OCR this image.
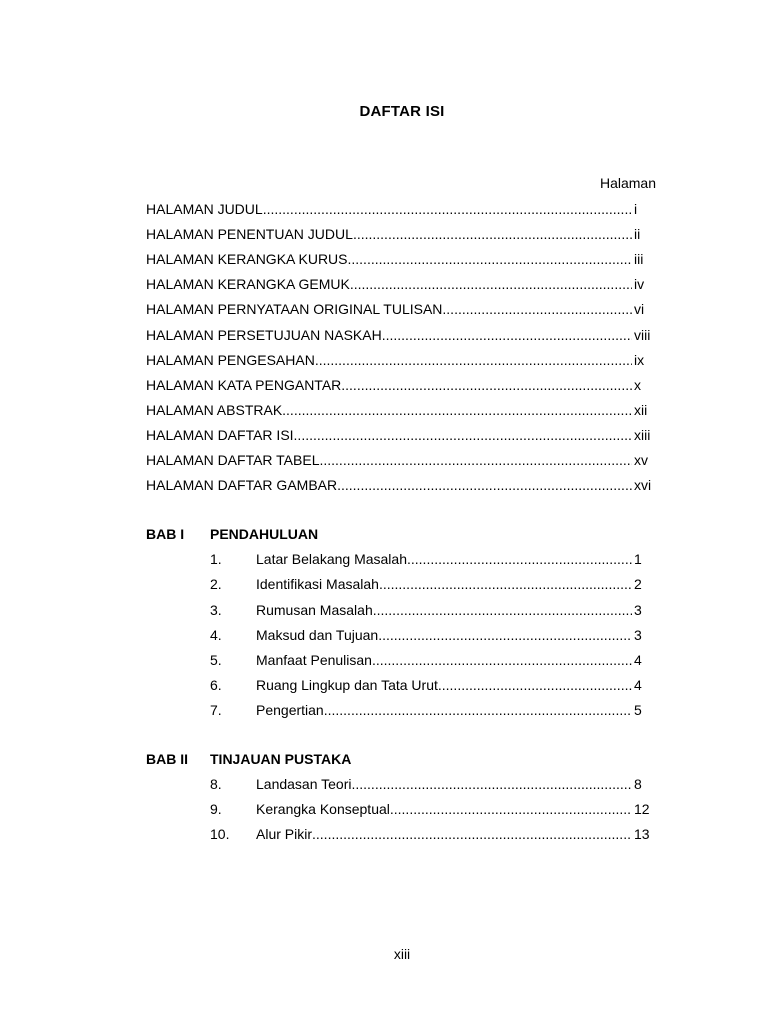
DAFTAR ISI
Halaman
HALAMAN JUDUL .....	i
HALAMAN PENENTUAN JUDUL .....	ii
HALAMAN KERANGKA KURUS .....	iii
HALAMAN KERANGKA GEMUK .....	iv
HALAMAN PERNYATAAN ORIGINAL TULISAN .....	vi
HALAMAN PERSETUJUAN NASKAH .....	viii
HALAMAN PENGESAHAN .....	ix
HALAMAN KATA PENGANTAR .....	x
HALAMAN ABSTRAK .....	xii
HALAMAN DAFTAR ISI .....	xiii
HALAMAN DAFTAR TABEL .....	xv
HALAMAN DAFTAR GAMBAR .....	xvi
BAB I PENDAHULUAN
1.	Latar Belakang Masalah .....	1
2.	Identifikasi Masalah .....	2
3.	Rumusan Masalah .....	3
4.	Maksud dan Tujuan .....	3
5.	Manfaat Penulisan .....	4
6.	Ruang Lingkup dan Tata Urut .....	4
7.	Pengertian .....	5
BAB II TINJAUAN PUSTAKA
8.	Landasan Teori .....	8
9.	Kerangka Konseptual .....	12
10.	Alur Pikir .....	13
xiii
